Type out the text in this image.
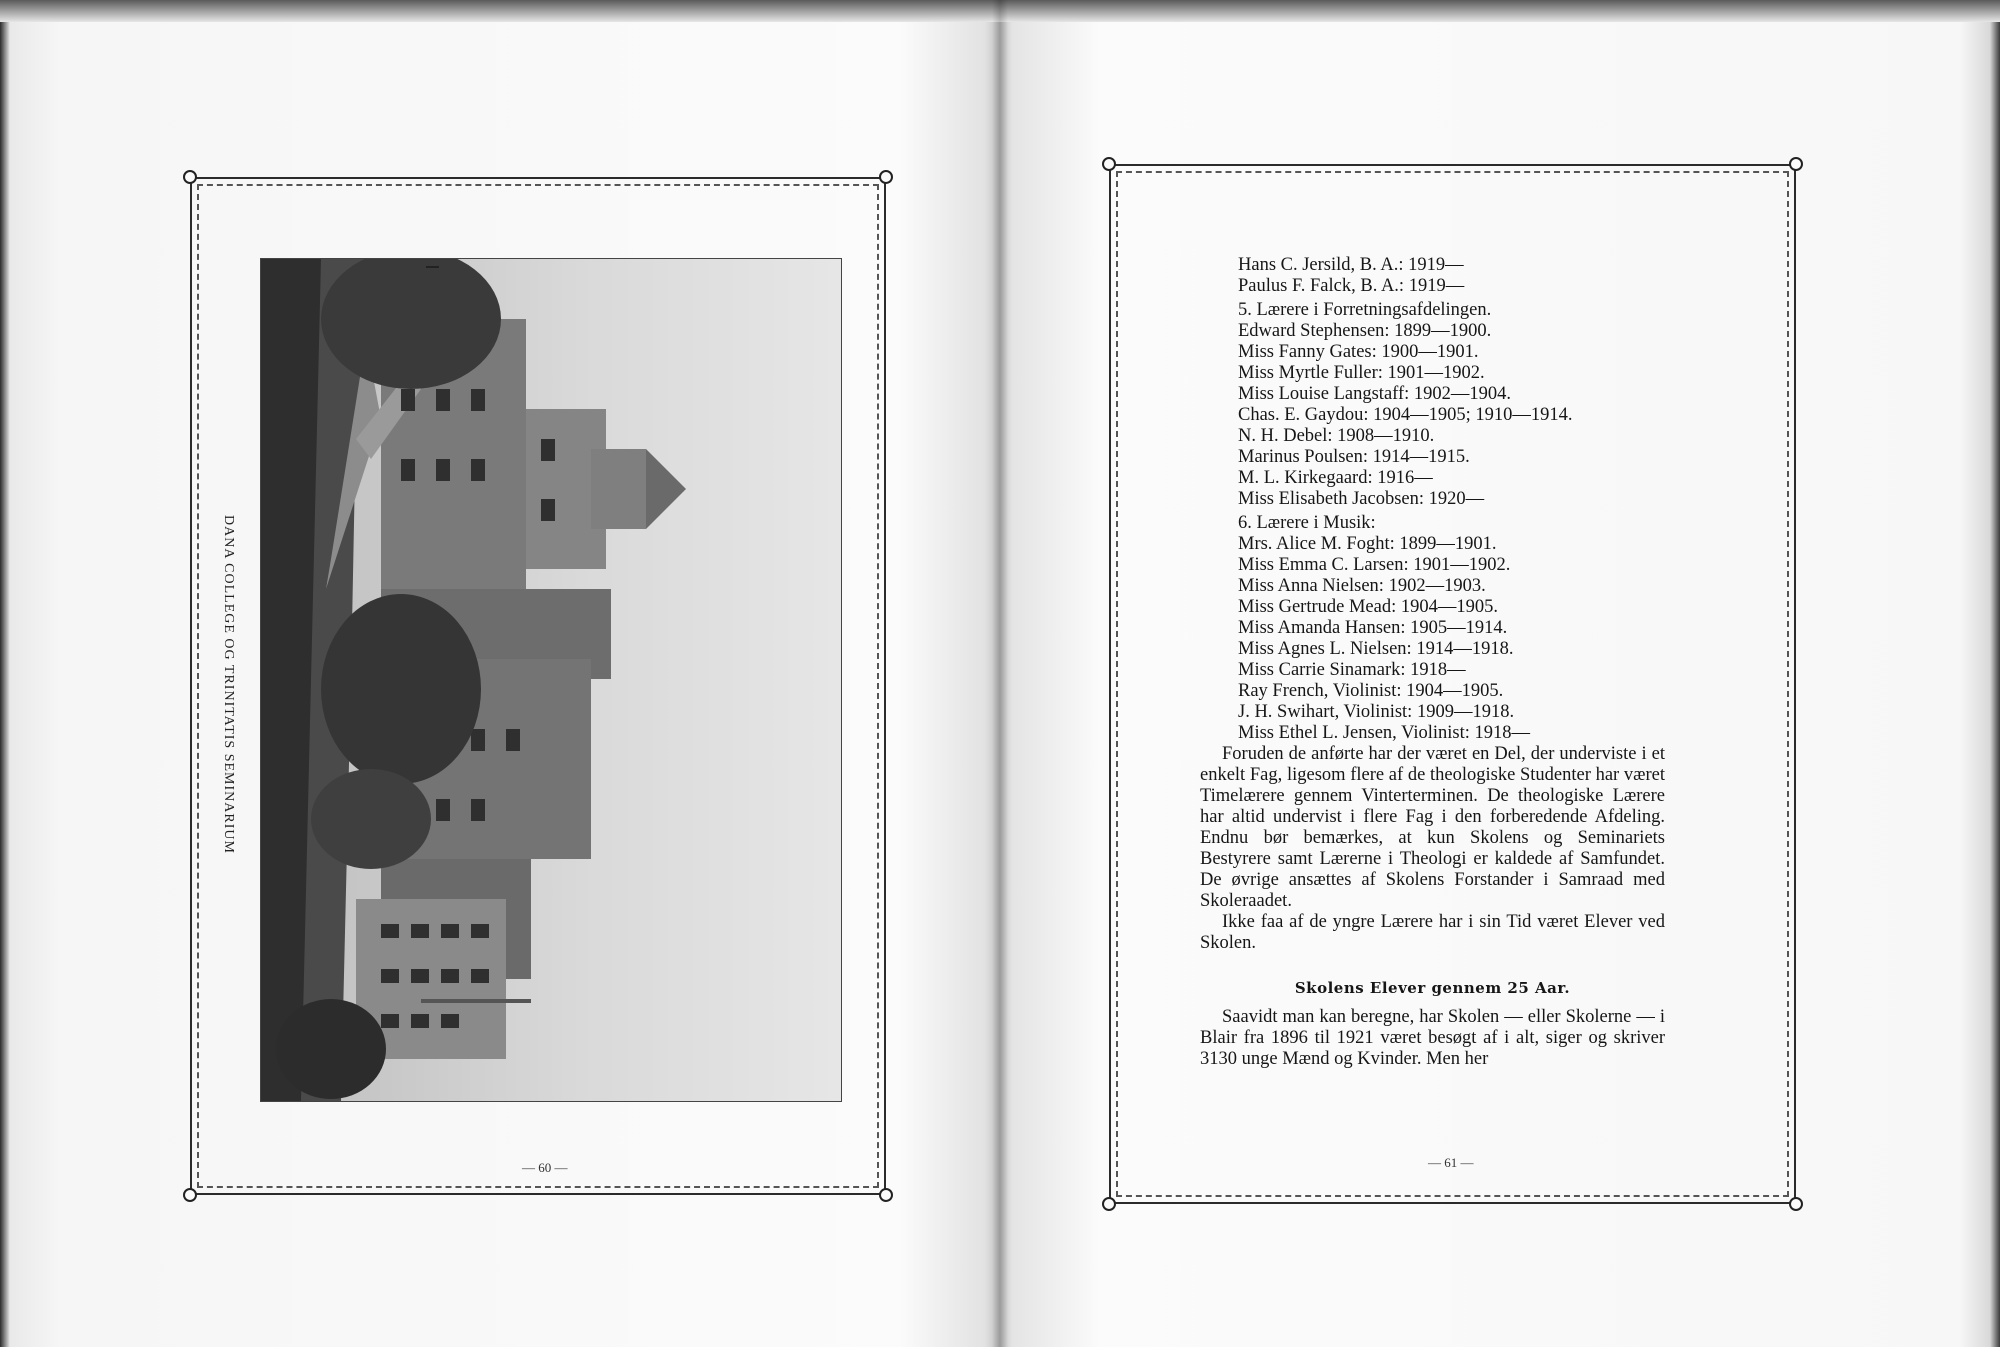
DANA COLLEGE OG TRINITATIS SEMINARIUM
— 60 —
Hans C. Jersild, B. A.: 1919—
Paulus F. Falck, B. A.: 1919—
5. Lærere i Forretningsafdelingen.
Edward Stephensen: 1899—1900.
Miss Fanny Gates: 1900—1901.
Miss Myrtle Fuller: 1901—1902.
Miss Louise Langstaff: 1902—1904.
Chas. E. Gaydou: 1904—1905; 1910—1914.
N. H. Debel: 1908—1910.
Marinus Poulsen: 1914—1915.
M. L. Kirkegaard: 1916—
Miss Elisabeth Jacobsen: 1920—
6. Lærere i Musik:
Mrs. Alice M. Foght: 1899—1901.
Miss Emma C. Larsen: 1901—1902.
Miss Anna Nielsen: 1902—1903.
Miss Gertrude Mead: 1904—1905.
Miss Amanda Hansen: 1905—1914.
Miss Agnes L. Nielsen: 1914—1918.
Miss Carrie Sinamark: 1918—
Ray French, Violinist: 1904—1905.
J. H. Swihart, Violinist: 1909—1918.
Miss Ethel L. Jensen, Violinist: 1918—

Foruden de anførte har der været en Del, der underviste i et enkelt Fag, ligesom flere af de theologiske Studenter har været Timelærere gennem Vinterterminen. De theologiske Lærere har altid undervist i flere Fag i den forberedende Afdeling. Endnu bør bemærkes, at kun Skolens og Seminariets Bestyrere samt Lærerne i Theologi er kaldede af Samfundet. De øvrige ansættes af Skolens Forstander i Samraad med Skoleraadet.

Ikke faa af de yngre Lærere har i sin Tid været Elever ved Skolen.

Skolens Elever gennem 25 Aar.

Saavidt man kan beregne, har Skolen — eller Skolerne — i Blair fra 1896 til 1921 været besøgt af i alt, siger og skriver 3130 unge Mænd og Kvinder. Men her

— 61 —
